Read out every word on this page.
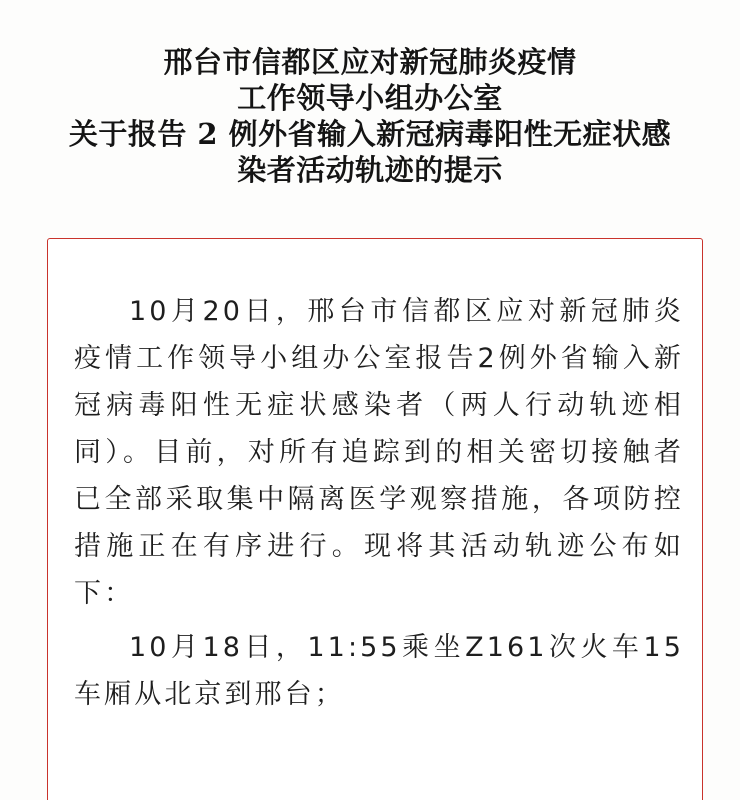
邢台市信都区应对新冠肺炎疫情
工作领导小组办公室
关于报告 2 例外省输入新冠病毒阳性无症状感
染者活动轨迹的提示

10月20日，邢台市信都区应对新冠肺炎疫情工作领导小组办公室报告2例外省输入新冠病毒阳性无症状感染者（两人行动轨迹相同）。目前，对所有追踪到的相关密切接触者已全部采取集中隔离医学观察措施，各项防控措施正在有序进行。现将其活动轨迹公布如下：

10月18日，11:55乘坐Z161次火车15车厢从北京到邢台；
